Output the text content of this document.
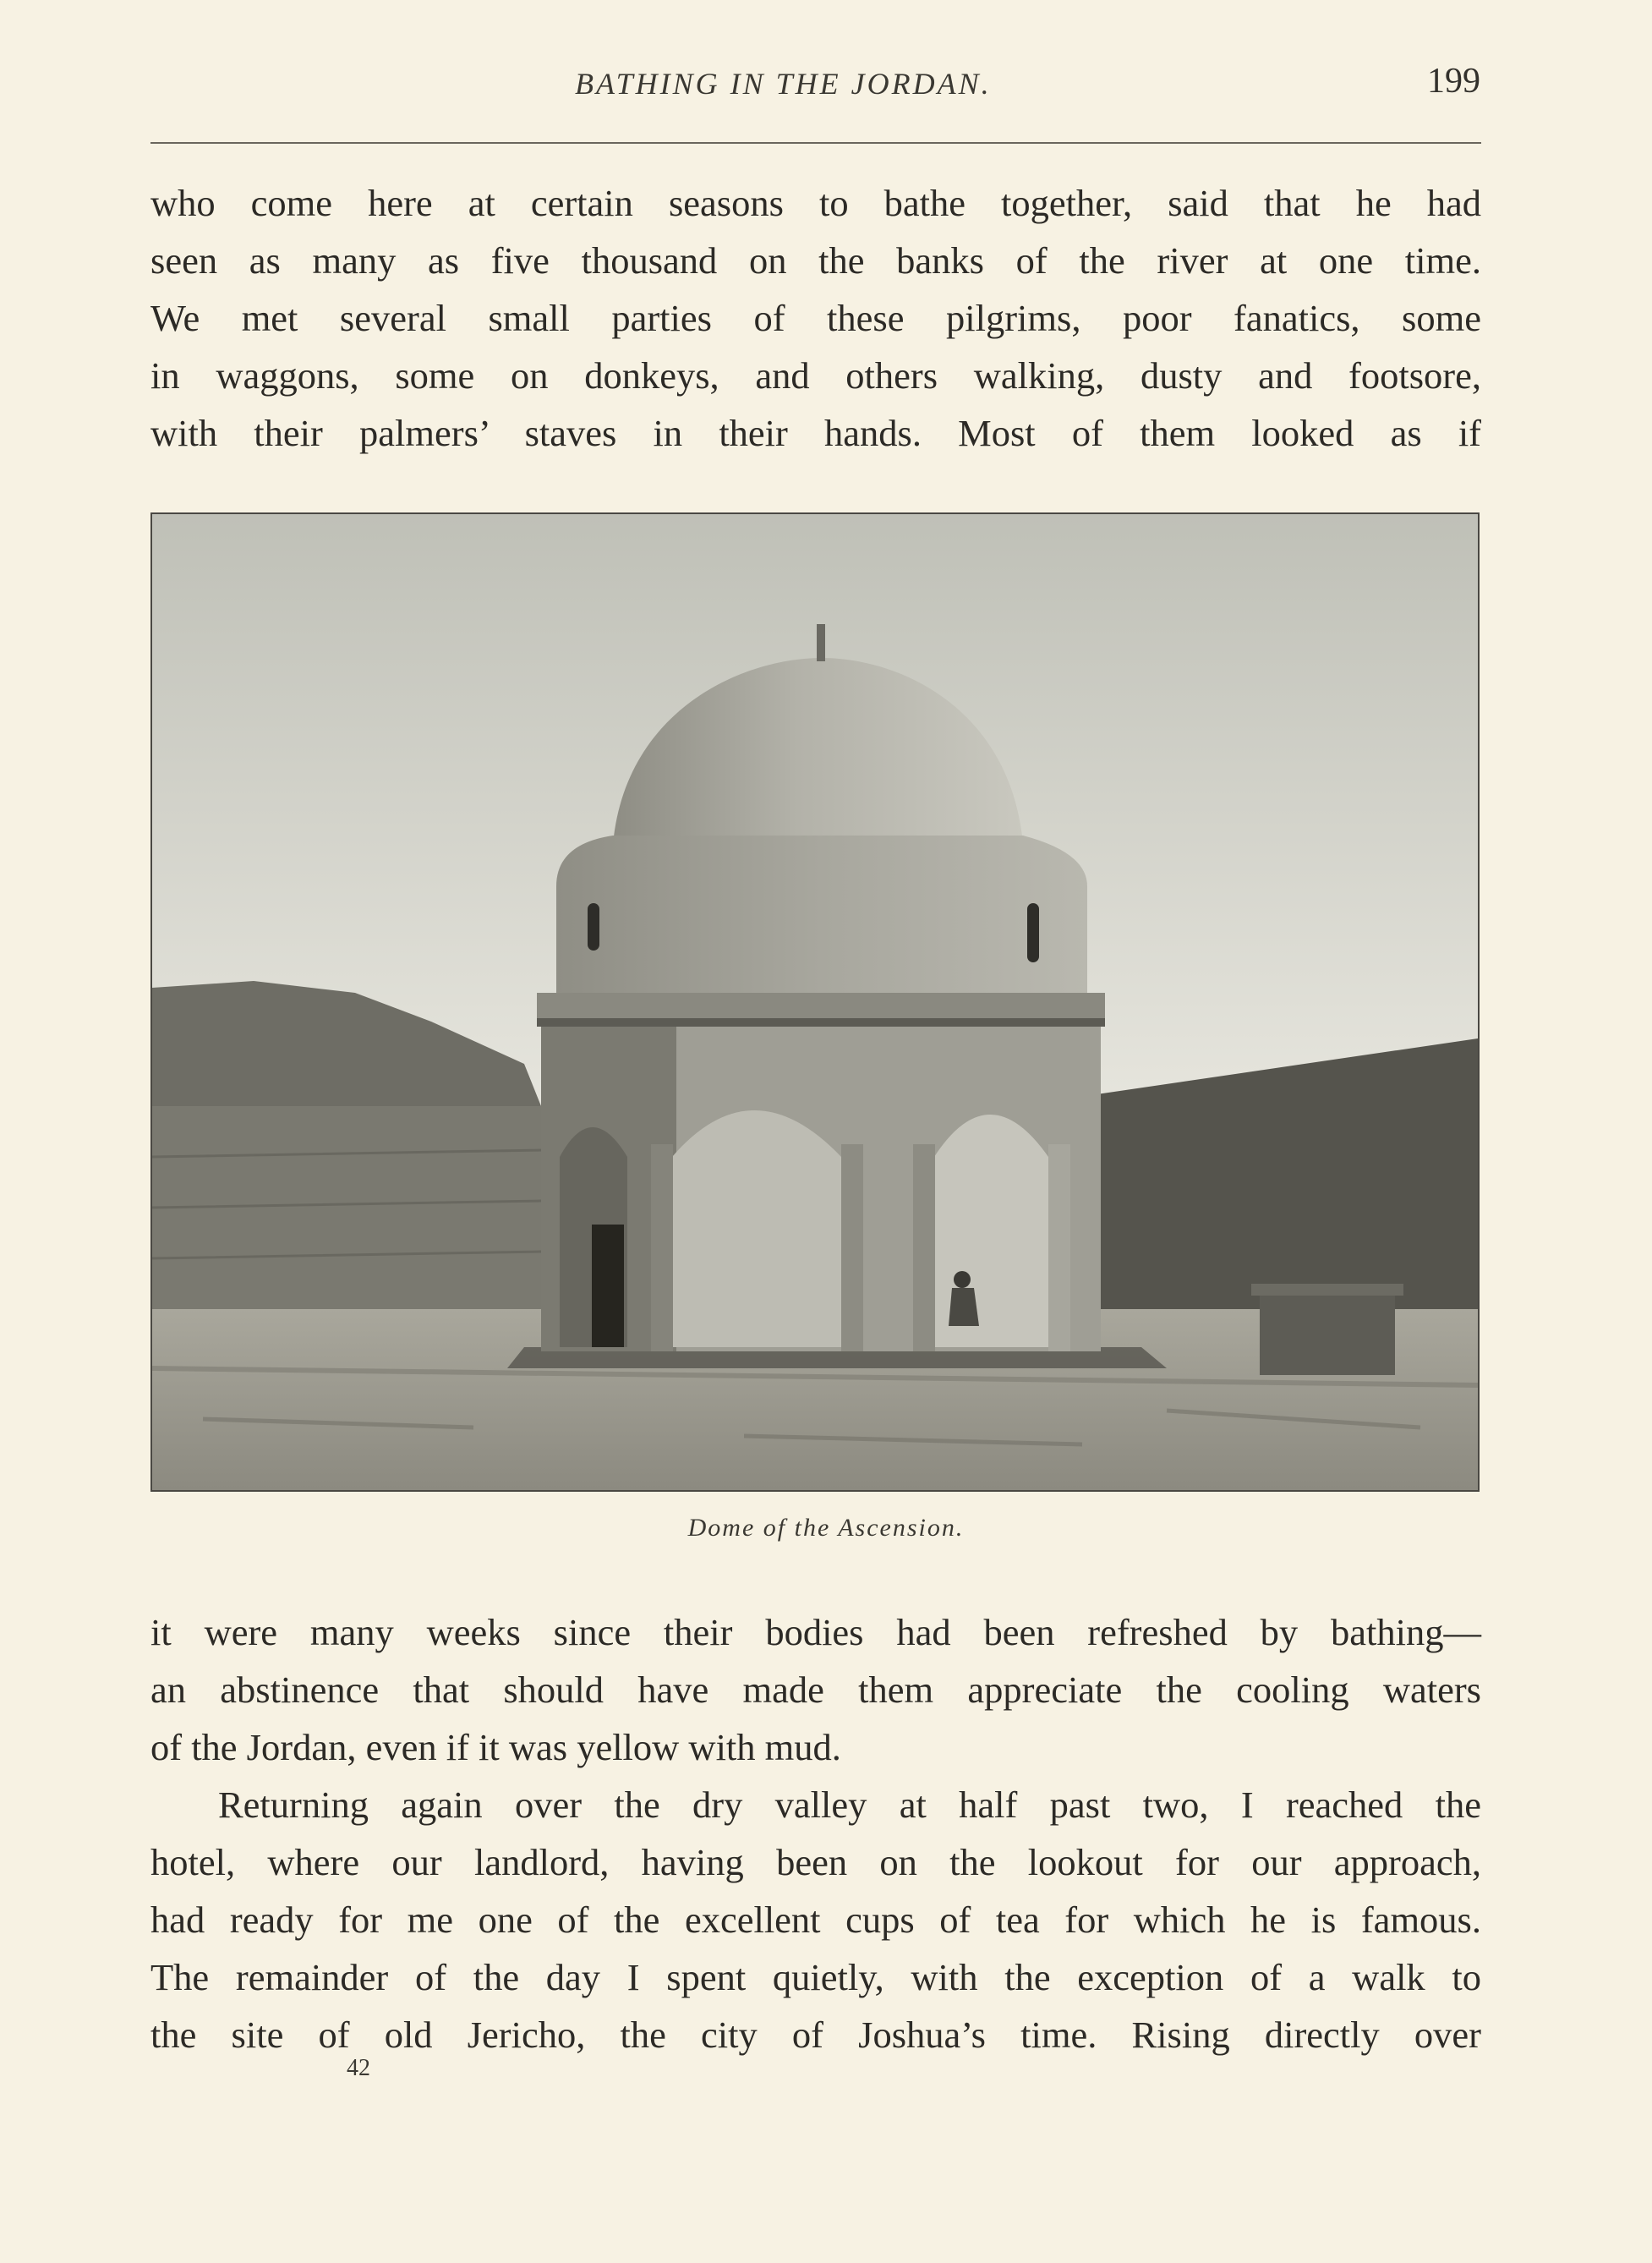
BATHING IN THE JORDAN.	199
who come here at certain seasons to bathe together, said that he had
seen as many as five thousand on the banks of the river at one time.
We met several small parties of these pilgrims, poor fanatics, some
in waggons, some on donkeys, and others walking, dusty and footsore,
with their palmers’ staves in their hands. Most of them looked as if
Dome of the Ascension.
it were many weeks since their bodies had been refreshed by bathing—
an abstinence that should have made them appreciate the cooling waters
of the Jordan, even if it was yellow with mud.
Returning again over the dry valley at half past two, I reached the
hotel, where our landlord, having been on the lookout for our approach,
had ready for me one of the excellent cups of tea for which he is famous.
The remainder of the day I spent quietly, with the exception of a walk to
the site of old Jericho, the city of Joshua’s time. Rising directly over
42
